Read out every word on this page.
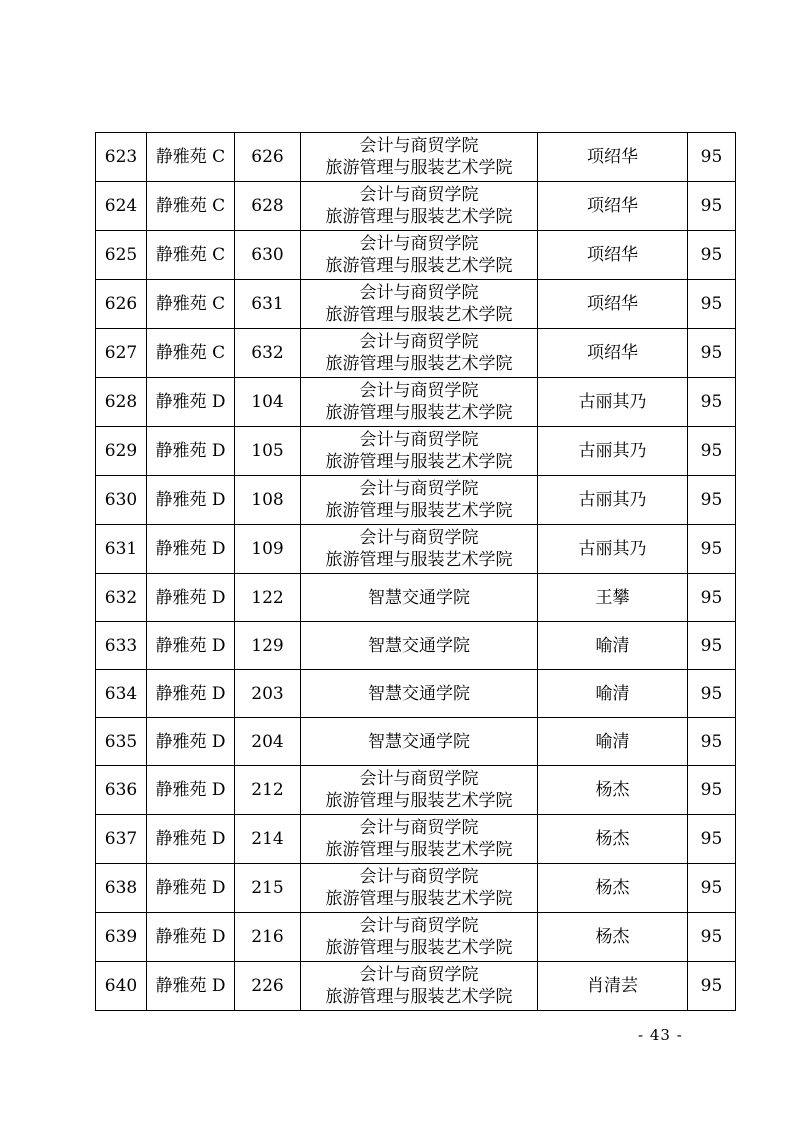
623	静雅苑 C	626	会计与商贸学院
旅游管理与服装艺术学院	项绍华	95
624	静雅苑 C	628	会计与商贸学院
旅游管理与服装艺术学院	项绍华	95
625	静雅苑 C	630	会计与商贸学院
旅游管理与服装艺术学院	项绍华	95
626	静雅苑 C	631	会计与商贸学院
旅游管理与服装艺术学院	项绍华	95
627	静雅苑 C	632	会计与商贸学院
旅游管理与服装艺术学院	项绍华	95
628	静雅苑 D	104	会计与商贸学院
旅游管理与服装艺术学院	古丽其乃	95
629	静雅苑 D	105	会计与商贸学院
旅游管理与服装艺术学院	古丽其乃	95
630	静雅苑 D	108	会计与商贸学院
旅游管理与服装艺术学院	古丽其乃	95
631	静雅苑 D	109	会计与商贸学院
旅游管理与服装艺术学院	古丽其乃	95
632	静雅苑 D	122	智慧交通学院	王攀	95
633	静雅苑 D	129	智慧交通学院	喻清	95
634	静雅苑 D	203	智慧交通学院	喻清	95
635	静雅苑 D	204	智慧交通学院	喻清	95
636	静雅苑 D	212	会计与商贸学院
旅游管理与服装艺术学院	杨杰	95
637	静雅苑 D	214	会计与商贸学院
旅游管理与服装艺术学院	杨杰	95
638	静雅苑 D	215	会计与商贸学院
旅游管理与服装艺术学院	杨杰	95
639	静雅苑 D	216	会计与商贸学院
旅游管理与服装艺术学院	杨杰	95
640	静雅苑 D	226	会计与商贸学院
旅游管理与服装艺术学院	肖清芸	95
- 43 -
